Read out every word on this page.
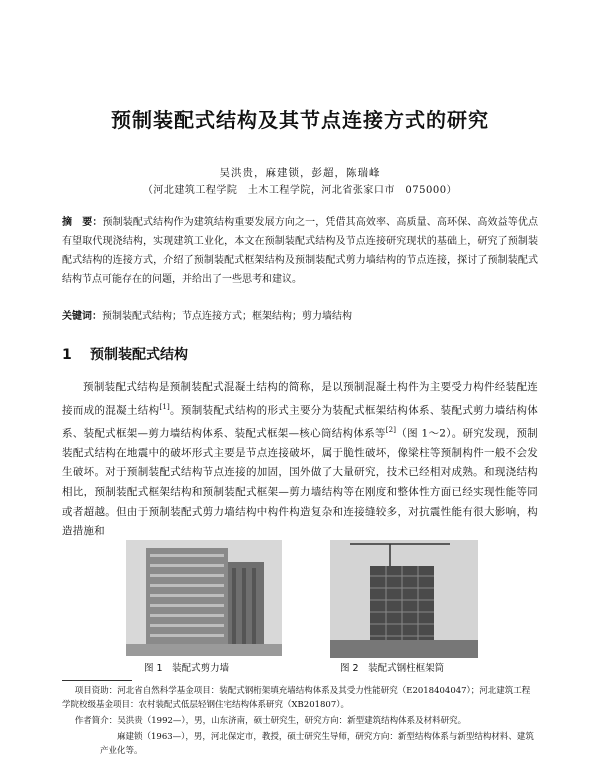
预制装配式结构及其节点连接方式的研究
吴洪贵，麻建锁，彭超，陈瑞峰
（河北建筑工程学院　土木工程学院，河北省张家口市　075000）
摘　要：预制装配式结构作为建筑结构重要发展方向之一，凭借其高效率、高质量、高环保、高效益等优点有望取代现浇结构，实现建筑工业化，本文在预制装配式结构及节点连接研究现状的基础上，研究了预制装配式结构的连接方式，介绍了预制装配式框架结构及预制装配式剪力墙结构的节点连接，探讨了预制装配式结构节点可能存在的问题，并给出了一些思考和建议。
关键词：预制装配式结构；节点连接方式；框架结构；剪力墙结构
1 预制装配式结构
预制装配式结构是预制装配式混凝土结构的简称，是以预制混凝土构件为主要受力构件经装配连接而成的混凝土结构[1]。预制装配式结构的形式主要分为装配式框架结构体系、装配式剪力墙结构体系、装配式框架—剪力墙结构体系、装配式框架—核心筒结构体系等[2]（图 1～2）。研究发现，预制装配式结构在地震中的破坏形式主要是节点连接破坏，属于脆性破坏，像梁柱等预制构件一般不会发生破坏。对于预制装配式结构节点连接的加固，国外做了大量研究，技术已经相对成熟。和现浇结构相比，预制装配式框架结构和预制装配式框架—剪力墙结构等在刚度和整体性方面已经实现性能等同或者超越。但由于预制装配式剪力墙结构中构件构造复杂和连接缝较多，对抗震性能有很大影响，构造措施和
图 1　装配式剪力墙	图 2　装配式钢柱框架筒
项目资助：河北省自然科学基金项目：装配式钢桁架填充墙结构体系及其受力性能研究（E2018404047）；河北建筑工程学院校级基金项目：农村装配式低层轻钢住宅结构体系研究（XB201807）。
作者简介：吴洪贵（1992—），男，山东济南，硕士研究生，研究方向：新型建筑结构体系及材料研究。
麻建锁（1963—），男，河北保定市，教授，硕士研究生导师，研究方向：新型结构体系与新型结构材料、建筑产业化等。
